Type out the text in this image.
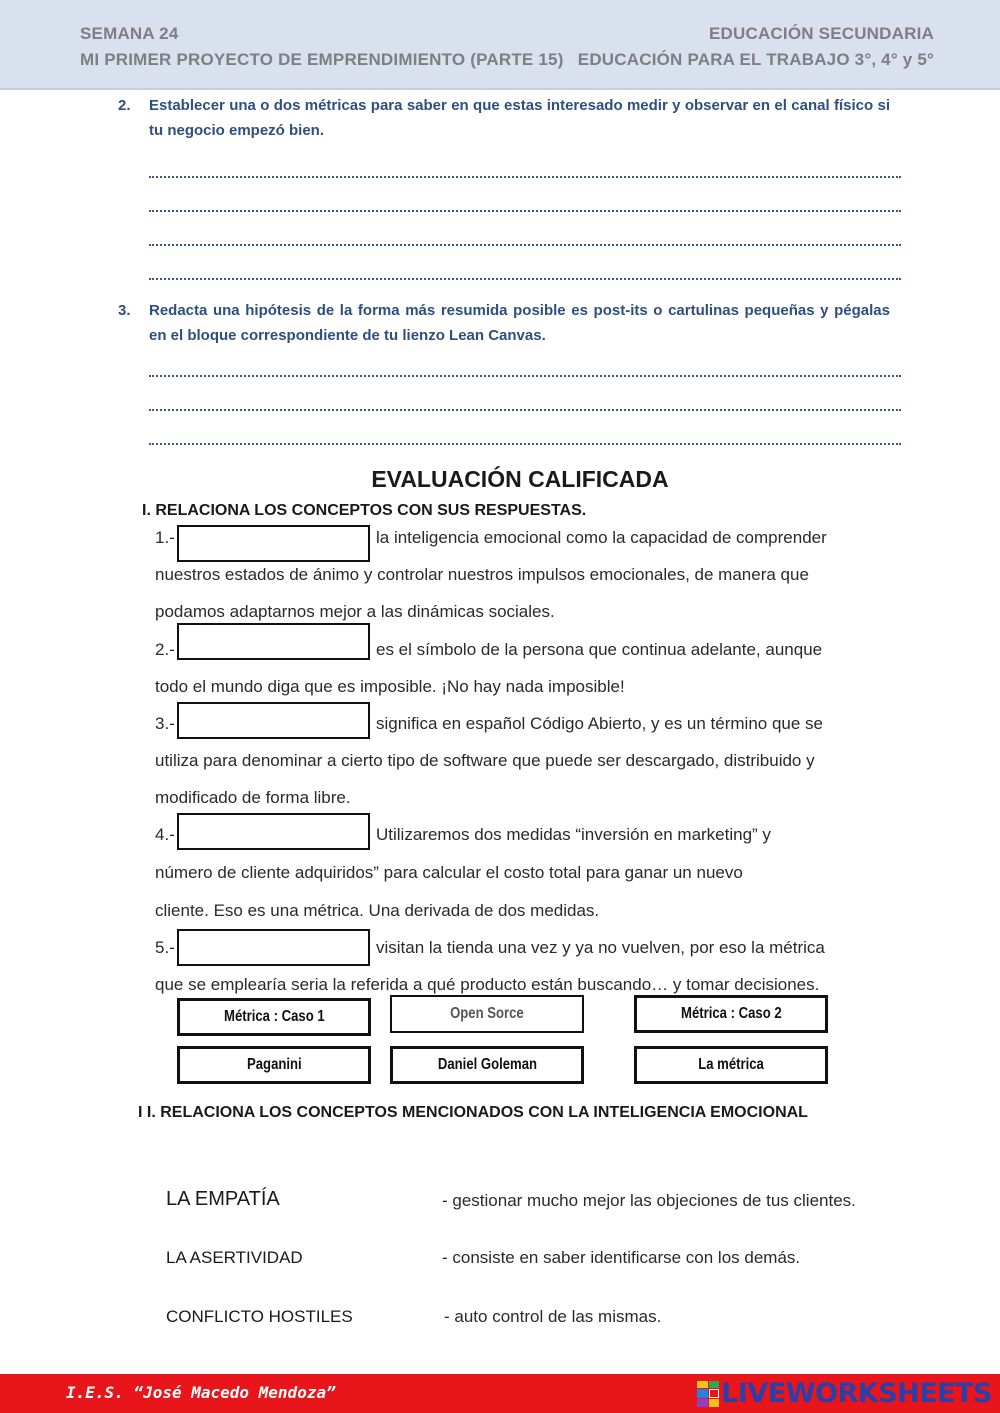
SEMANA 24
MI PRIMER PROYECTO DE EMPRENDIMIENTO (PARTE 15)
EDUCACIÓN SECUNDARIA
EDUCACIÓN PARA EL TRABAJO 3°, 4° y 5°
2. Establecer una o dos métricas para saber en que estas interesado medir y observar en el canal físico si tu negocio empezó bien.
3. Redacta una hipótesis de la forma más resumida posible es post-its o cartulinas pequeñas y pégalas en el bloque correspondiente de tu lienzo Lean Canvas.
EVALUACIÓN CALIFICADA
I. RELACIONA LOS CONCEPTOS CON SUS RESPUESTAS.
1.-	la inteligencia emocional como la capacidad de comprender
nuestros estados de ánimo y controlar nuestros impulsos emocionales, de manera que
podamos adaptarnos mejor a las dinámicas sociales.
2.-	es el símbolo de la persona que continua adelante, aunque
todo el mundo diga que es imposible. ¡No hay nada imposible!
3.-	significa en español Código Abierto, y es un término que se
utiliza para denominar a cierto tipo de software que puede ser descargado, distribuido y
modificado de forma libre.
4.-	Utilizaremos dos medidas “inversión en marketing” y
número de cliente adquiridos” para calcular el costo total para ganar un nuevo
cliente. Eso es una métrica. Una derivada de dos medidas.
5.-	visitan la tienda una vez y ya no vuelven, por eso la métrica
que se emplearía seria la referida a qué producto están buscando… y tomar decisiones.
Métrica : Caso 1	Open Sorce	Métrica : Caso 2
Paganini	Daniel Goleman	La métrica
I I. RELACIONA LOS CONCEPTOS MENCIONADOS CON LA INTELIGENCIA EMOCIONAL
LA EMPATÍA	- gestionar mucho mejor las objeciones de tus clientes.
LA ASERTIVIDAD	- consiste en saber identificarse con los demás.
CONFLICTO HOSTILES	- auto control de las mismas.
I.E.S. “José Macedo Mendoza”	LIVEWORKSHEETS
